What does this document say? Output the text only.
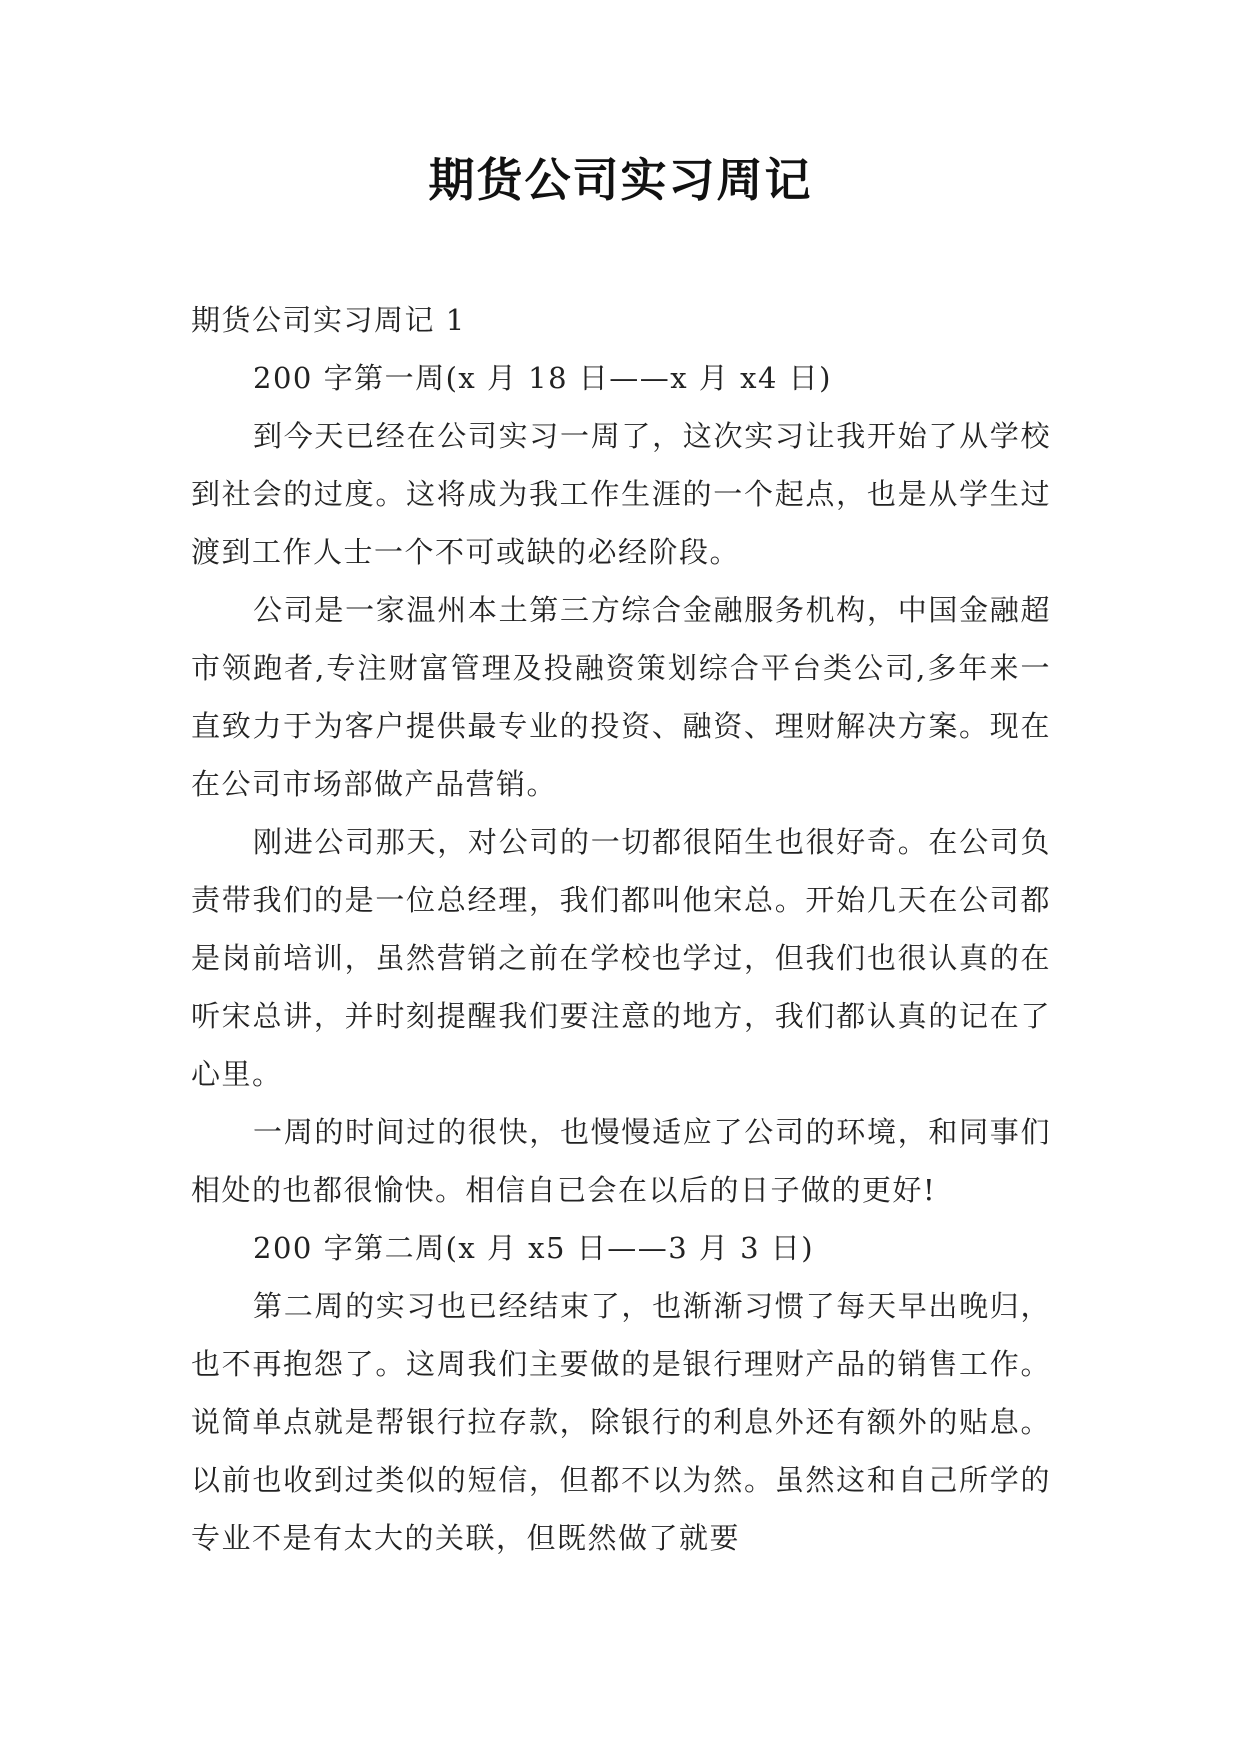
期货公司实习周记

期货公司实习周记 1

200 字第一周(x 月 18 日——x 月 x4 日)

到今天已经在公司实习一周了，这次实习让我开始了从学校到社会的过度。这将成为我工作生涯的一个起点，也是从学生过渡到工作人士一个不可或缺的必经阶段。

公司是一家温州本土第三方综合金融服务机构，中国金融超市领跑者,专注财富管理及投融资策划综合平台类公司,多年来一直致力于为客户提供最专业的投资、融资、理财解决方案。现在在公司市场部做产品营销。

刚进公司那天，对公司的一切都很陌生也很好奇。在公司负责带我们的是一位总经理，我们都叫他宋总。开始几天在公司都是岗前培训，虽然营销之前在学校也学过，但我们也很认真的在听宋总讲，并时刻提醒我们要注意的地方，我们都认真的记在了心里。

一周的时间过的很快，也慢慢适应了公司的环境，和同事们相处的也都很愉快。相信自已会在以后的日子做的更好!

200 字第二周(x 月 x5 日——3 月 3 日)

第二周的实习也已经结束了，也渐渐习惯了每天早出晚归，也不再抱怨了。这周我们主要做的是银行理财产品的销售工作。说简单点就是帮银行拉存款，除银行的利息外还有额外的贴息。以前也收到过类似的短信，但都不以为然。虽然这和自己所学的专业不是有太大的关联，但既然做了就要
